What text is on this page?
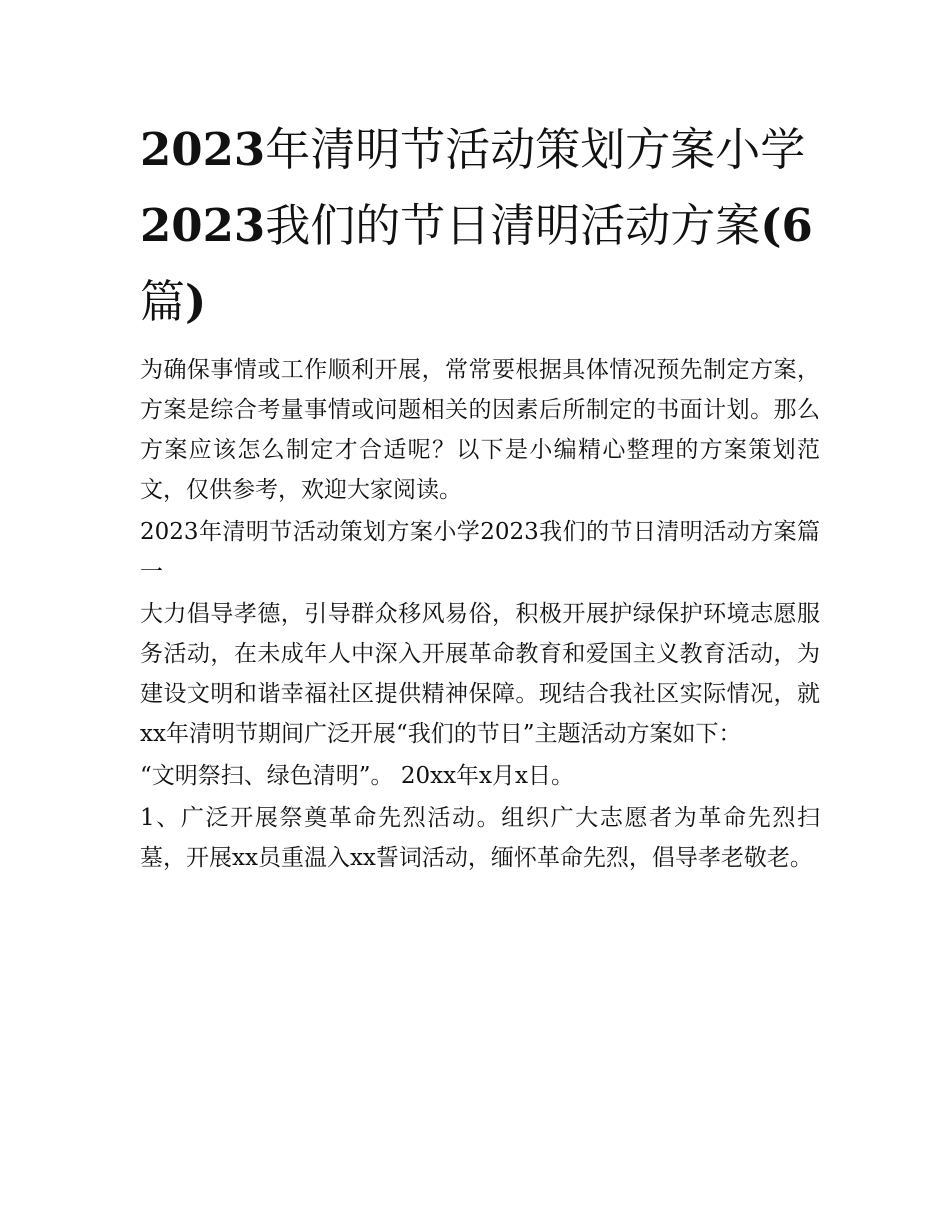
2023年清明节活动策划方案小学2023我们的节日清明活动方案(6篇)

为确保事情或工作顺利开展，常常要根据具体情况预先制定方案，方案是综合考量事情或问题相关的因素后所制定的书面计划。那么方案应该怎么制定才合适呢？以下是小编精心整理的方案策划范文，仅供参考，欢迎大家阅读。

2023年清明节活动策划方案小学2023我们的节日清明活动方案篇一

大力倡导孝德，引导群众移风易俗，积极开展护绿保护环境志愿服务活动，在未成年人中深入开展革命教育和爱国主义教育活动，为建设文明和谐幸福社区提供精神保障。现结合我社区实际情况，就xx年清明节期间广泛开展“我们的节日”主题活动方案如下：

“文明祭扫、绿色清明”。 20xx年x月x日。

1、广泛开展祭奠革命先烈活动。组织广大志愿者为革命先烈扫墓，开展xx员重温入xx誓词活动，缅怀革命先烈，倡导孝老敬老。
